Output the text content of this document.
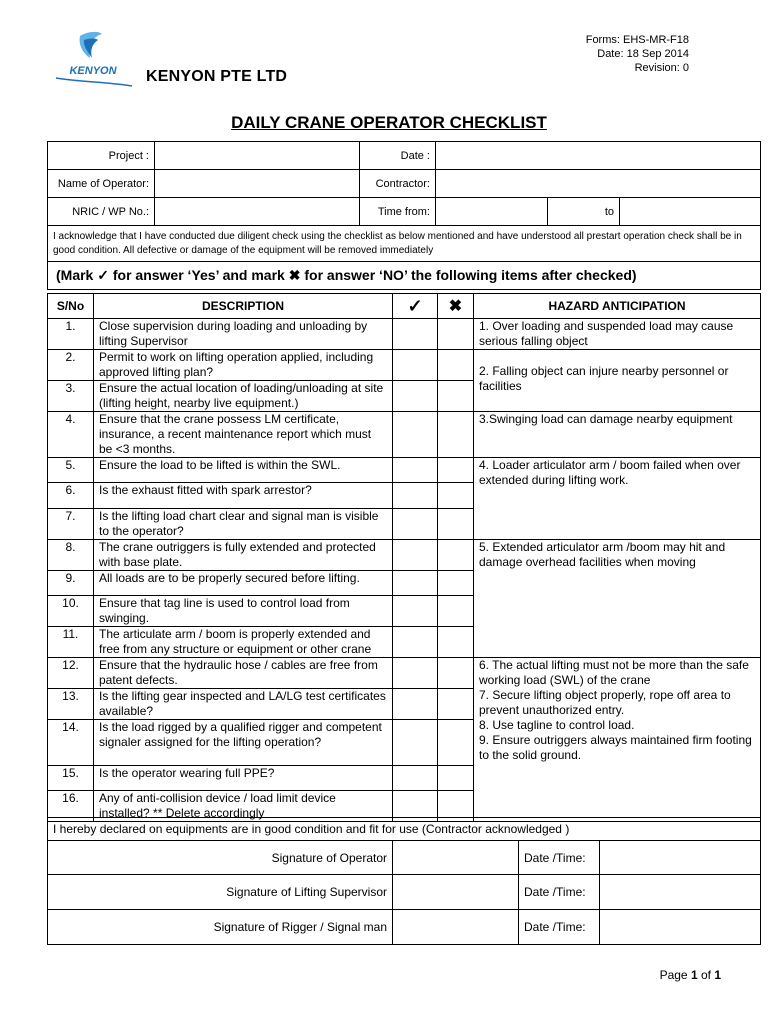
KENYON KENYON PTE LTD
Forms: EHS-MR-F18
Date: 18 Sep 2014
Revision: 0
DAILY CRANE OPERATOR CHECKLIST
Project :		Date :			
Name of Operator:		Contractor:			
NRIC / WP No.:		Time from:		to	
I acknowledge that I have conducted due diligent check using the checklist as below mentioned and have understood all prestart operation check shall be in good condition. All defective or damage of the equipment will be removed immediately					
(Mark ✓ for answer ‘Yes’ and mark ✖ for answer ‘NO’ the following items after checked)					
S/No	DESCRIPTION	✓	✖	HAZARD ANTICIPATION
1.	Close supervision during loading and unloading by lifting Supervisor			1. Over loading and suspended load may cause serious falling object
2.	Permit to work on lifting operation applied, including approved lifting plan?			2. Falling object can injure nearby personnel or facilities
3.	Ensure the actual location of loading/unloading at site (lifting height, nearby live equipment.)			
4.	Ensure that the crane possess LM certificate, insurance, a recent maintenance report which must be <3 months.			3.Swinging load can damage nearby equipment
5.	Ensure the load to be lifted is within the SWL.			4. Loader articulator arm / boom failed when over extended during lifting work.
6.	Is the exhaust fitted with spark arrestor?			
7.	Is the lifting load chart clear and signal man is visible to the operator?			
8.	The crane outriggers is fully extended and protected with base plate.			5. Extended articulator arm /boom may hit and damage overhead facilities when moving
9.	All loads are to be properly secured before lifting.			
10.	Ensure that tag line is used to control load from swinging.			
11.	The articulate arm / boom is properly extended and free from any structure or equipment or other crane			
12.	Ensure that the hydraulic hose / cables are free from patent defects.			6. The actual lifting must not be more than the safe working load (SWL) of the crane
7. Secure lifting object properly, rope off area to prevent unauthorized entry.
8. Use tagline to control load.
9. Ensure outriggers always maintained firm footing to the solid ground.

13.	Is the lifting gear inspected and LA/LG test certificates available?			
14.	Is the load rigged by a qualified rigger and competent signaler assigned for the lifting operation?			
15.	Is the operator wearing full PPE?			
16.	Any of anti-collision device / load limit device installed? ** Delete accordingly			
I hereby declared on equipments are in good condition and fit for use (Contractor acknowledged )			
Signature of Operator		Date /Time:	
Signature of Lifting Supervisor		Date /Time:	
Signature of Rigger / Signal man		Date /Time:	
Page 1 of 1
